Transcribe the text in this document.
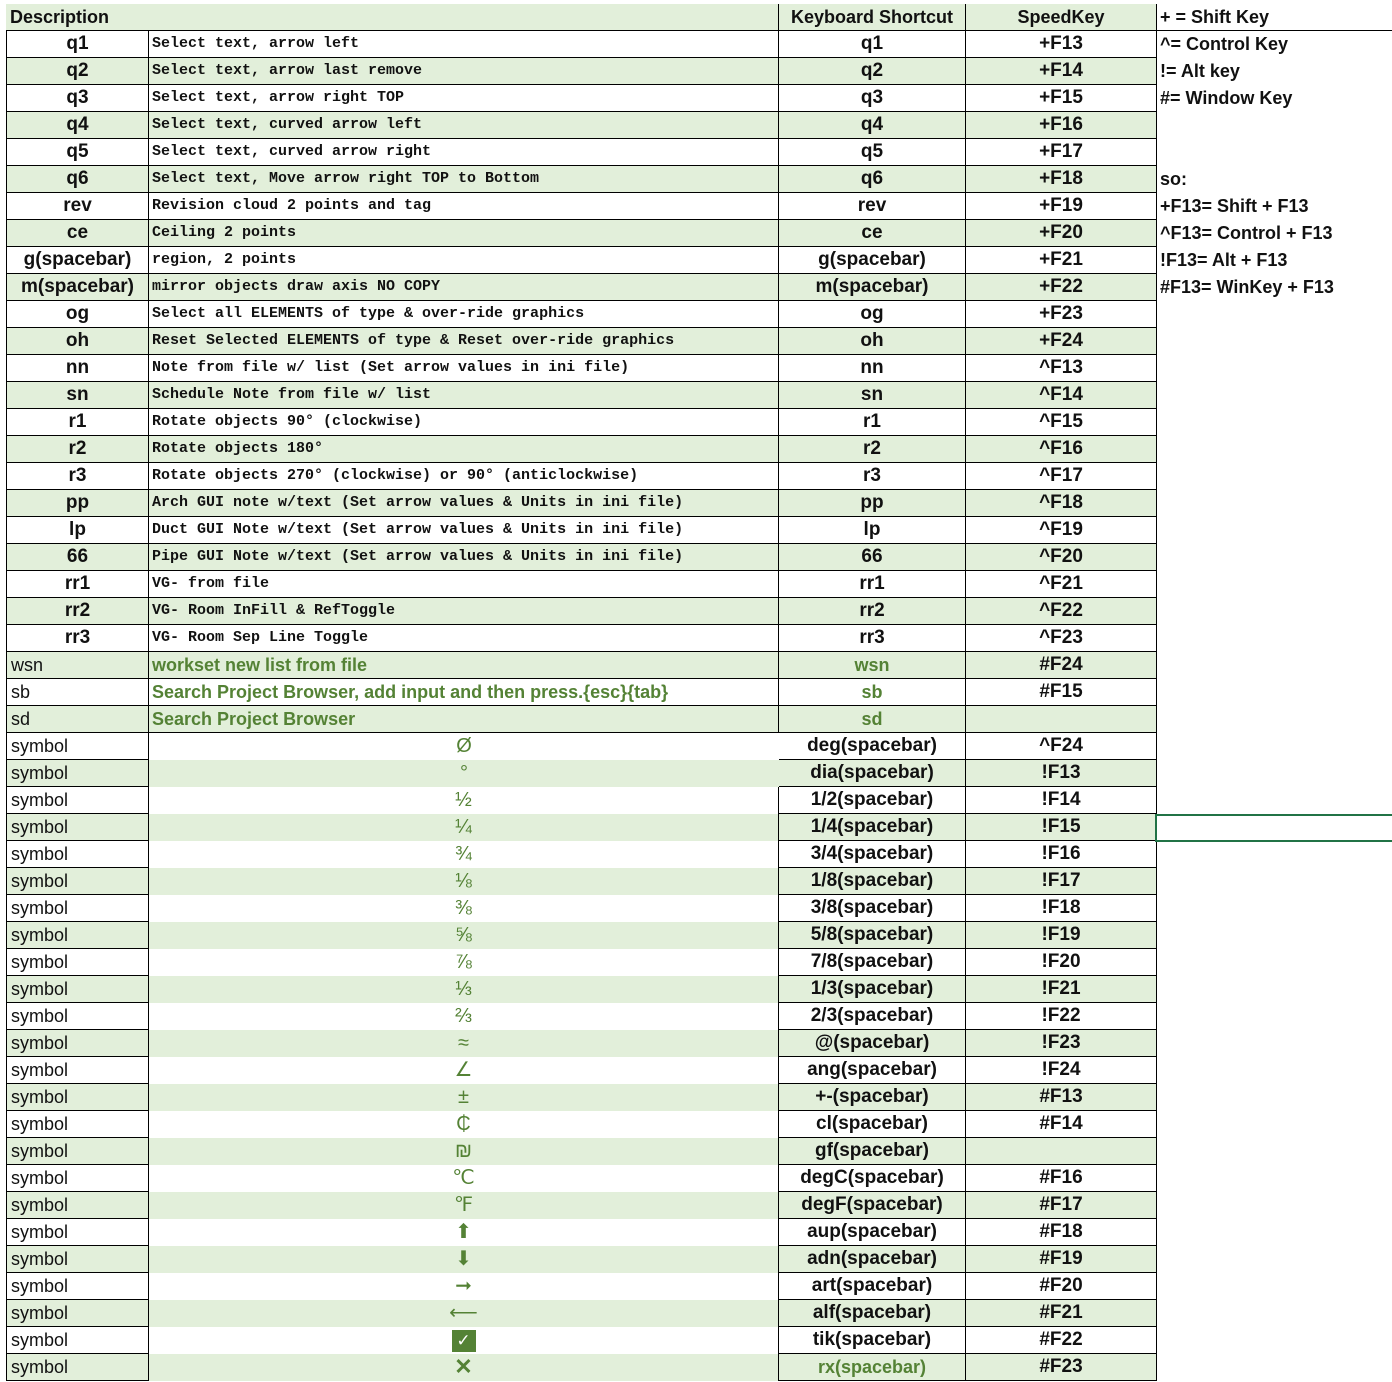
Description	Keyboard Shortcut	SpeedKey	+ = Shift Key
q1	Select text, arrow left	q1	+F13	^= Control Key
q2	Select text, arrow last remove	q2	+F14	!= Alt key
q3	Select text, arrow right TOP	q3	+F15	#= Window Key
q4	Select text, curved arrow left	q4	+F16
q5	Select text, curved arrow right	q5	+F17
q6	Select text, Move arrow right TOP to Bottom	q6	+F18	so:
rev	Revision cloud 2 points and tag	rev	+F19	+F13= Shift + F13
ce	Ceiling 2 points	ce	+F20	^F13= Control + F13
g(spacebar)	region, 2 points	g(spacebar)	+F21	!F13= Alt + F13
m(spacebar)	mirror objects draw axis NO COPY	m(spacebar)	+F22	#F13= WinKey + F13
og	Select all ELEMENTS of type & over-ride graphics	og	+F23
oh	Reset Selected ELEMENTS of type & Reset over-ride graphics	oh	+F24
nn	Note from file w/ list (Set arrow values in ini file)	nn	^F13
sn	Schedule Note from file w/ list	sn	^F14
r1	Rotate objects 90° (clockwise)	r1	^F15
r2	Rotate objects 180°	r2	^F16
r3	Rotate objects 270° (clockwise) or 90° (anticlockwise)	r3	^F17
pp	Arch GUI note w/text (Set arrow values & Units in ini file)	pp	^F18
lp	Duct GUI Note w/text (Set arrow values & Units in ini file)	lp	^F19
66	Pipe GUI Note w/text (Set arrow values & Units in ini file)	66	^F20
rr1	VG- from file	rr1	^F21
rr2	VG- Room InFill & RefToggle	rr2	^F22
rr3	VG- Room Sep Line Toggle	rr3	^F23
wsn	workset new list from file	wsn	#F24
sb	Search Project Browser, add input and then press.{esc}{tab}	sb	#F15
sd	Search Project Browser	sd
symbol	Ø	deg(spacebar)	^F24
symbol	°	dia(spacebar)	!F13
symbol	½	1/2(spacebar)	!F14
symbol	¼	1/4(spacebar)	!F15
symbol	¾	3/4(spacebar)	!F16
symbol	⅛	1/8(spacebar)	!F17
symbol	⅜	3/8(spacebar)	!F18
symbol	⅝	5/8(spacebar)	!F19
symbol	⅞	7/8(spacebar)	!F20
symbol	⅓	1/3(spacebar)	!F21
symbol	⅔	2/3(spacebar)	!F22
symbol	≈	@(spacebar)	!F23
symbol	∠	ang(spacebar)	!F24
symbol	±	+-(spacebar)	#F13
symbol	₵	cl(spacebar)	#F14
symbol	₪	gf(spacebar)
symbol	℃	degC(spacebar)	#F16
symbol	℉	degF(spacebar)	#F17
symbol	⬆	aup(spacebar)	#F18
symbol	⬇	adn(spacebar)	#F19
symbol	➞	art(spacebar)	#F20
symbol	⟵	alf(spacebar)	#F21
symbol	✓	tik(spacebar)	#F22
symbol	✕	rx(spacebar)	#F23
